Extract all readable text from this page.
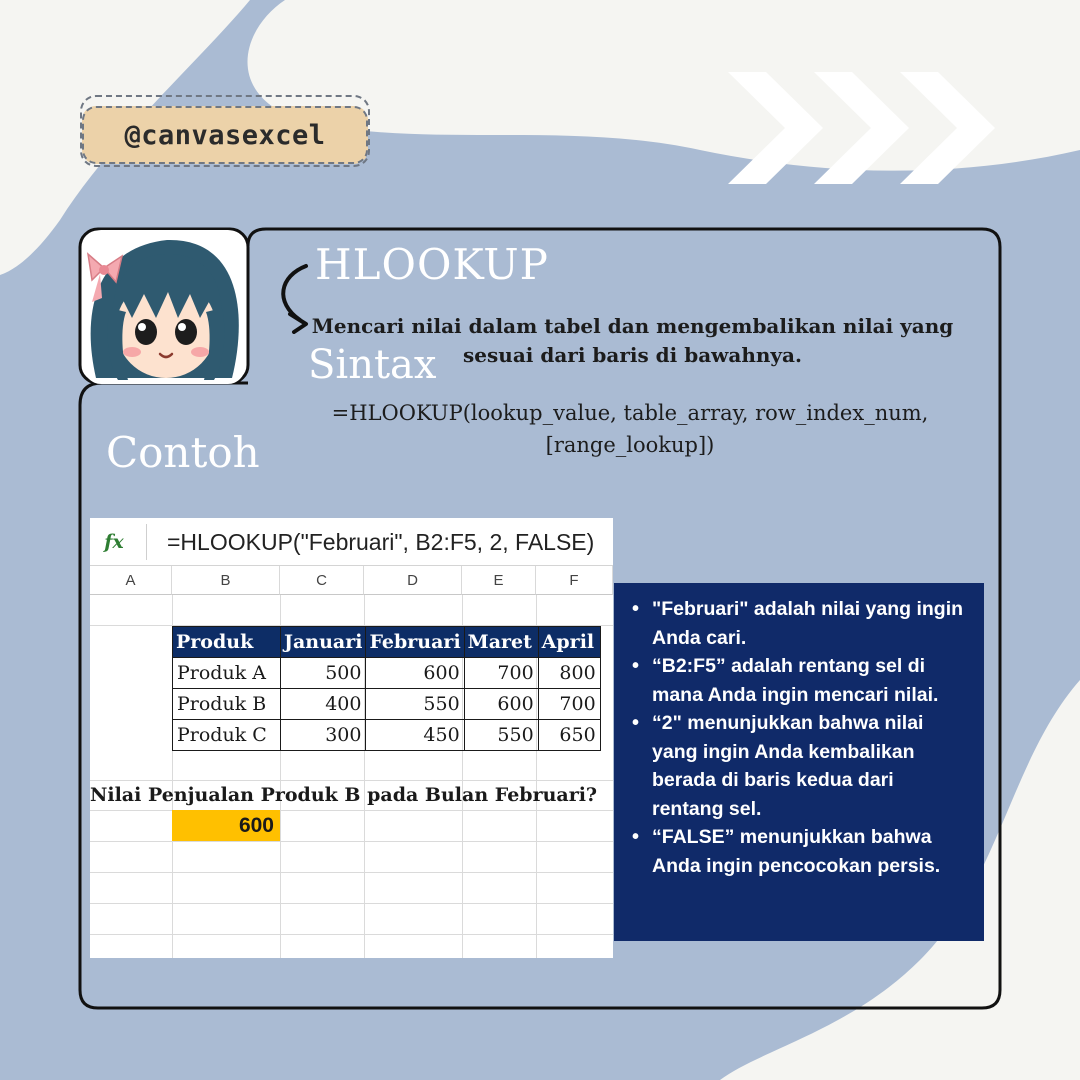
@canvasexcel
HLOOKUP
Mencari nilai dalam tabel dan mengembalikan nilai yang sesuai dari baris di bawahnya.
Sintax
=HLOOKUP(lookup_value, table_array, row_index_num,
[range_lookup])
Contoh
fx	=HLOOKUP("Februari", B2:F5, 2, FALSE)
A	B	C	D	E	F
Produk	Januari	Februari	Maret	April
Produk A	500	600	700	800
Produk B	400	550	600	700
Produk C	300	450	550	650
Nilai Penjualan Produk B pada Bulan Februari?
600
• "Februari" adalah nilai yang ingin Anda cari.
• “B2:F5” adalah rentang sel di mana Anda ingin mencari nilai.
• “2" menunjukkan bahwa nilai yang ingin Anda kembalikan berada di baris kedua dari rentang sel.
• “FALSE” menunjukkan bahwa Anda ingin pencocokan persis.
